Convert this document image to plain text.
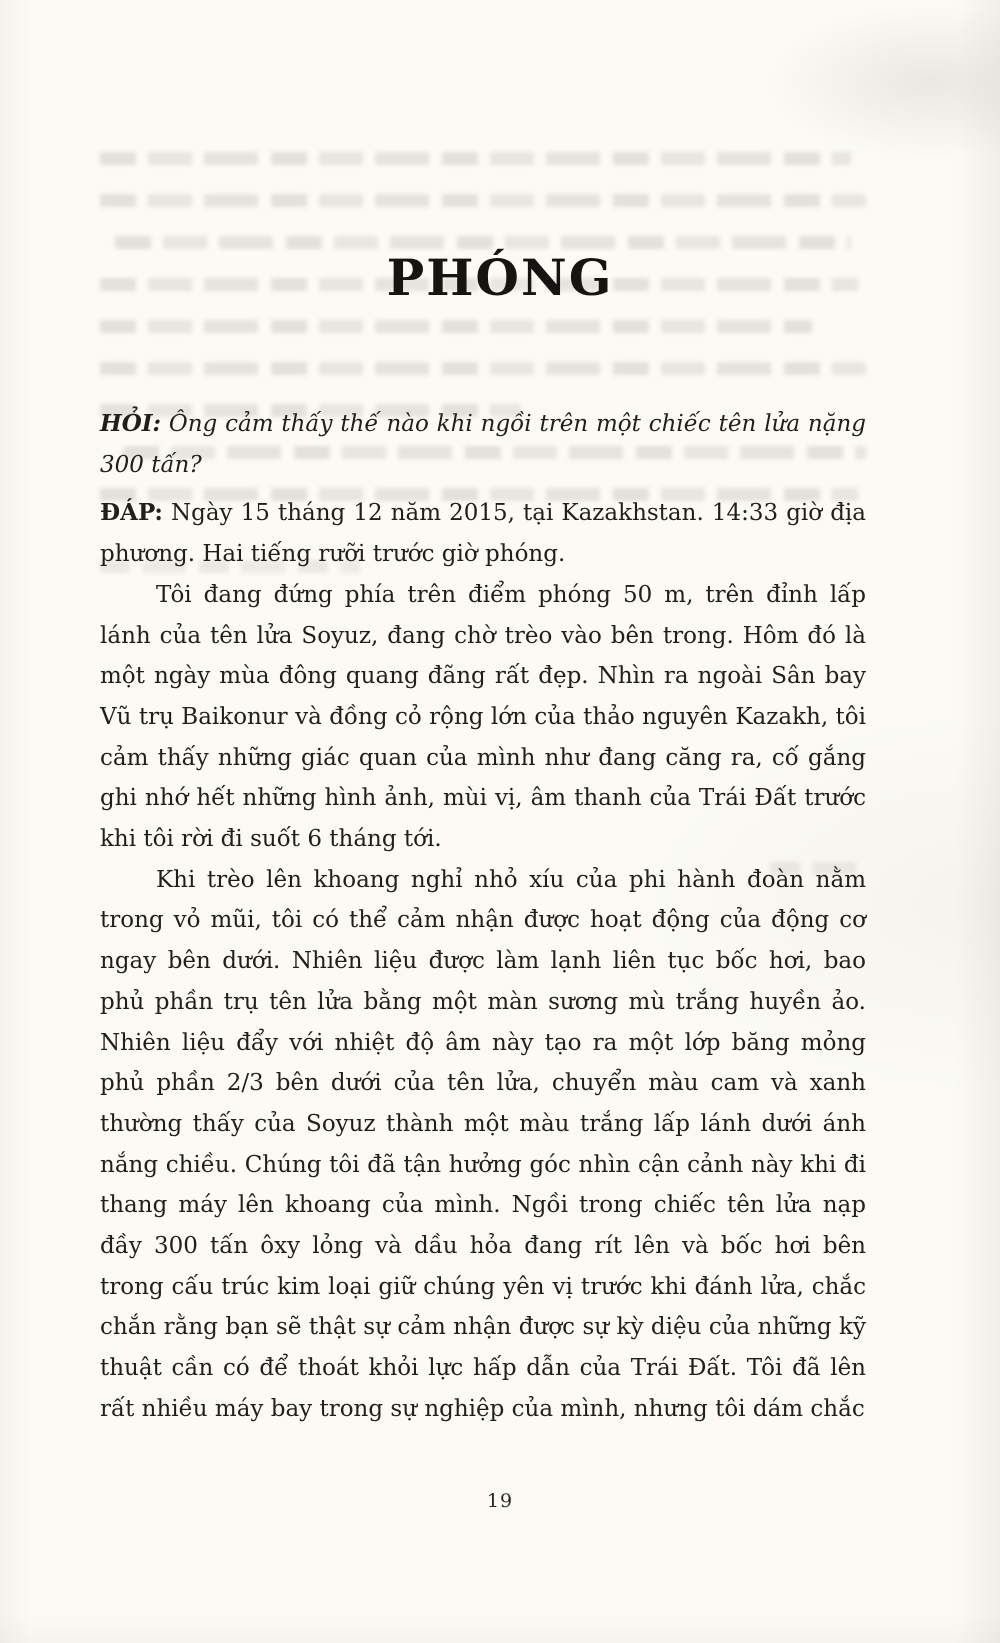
PHÓNG

HỎI: Ông cảm thấy thế nào khi ngồi trên một chiếc tên lửa nặng 300 tấn?

ĐÁP: Ngày 15 tháng 12 năm 2015, tại Kazakhstan. 14:33 giờ địa phương. Hai tiếng rưỡi trước giờ phóng.

Tôi đang đứng phía trên điểm phóng 50 m, trên đỉnh lấp lánh của tên lửa Soyuz, đang chờ trèo vào bên trong. Hôm đó là một ngày mùa đông quang đãng rất đẹp. Nhìn ra ngoài Sân bay Vũ trụ Baikonur và đồng cỏ rộng lớn của thảo nguyên Kazakh, tôi cảm thấy những giác quan của mình như đang căng ra, cố gắng ghi nhớ hết những hình ảnh, mùi vị, âm thanh của Trái Đất trước khi tôi rời đi suốt 6 tháng tới.

Khi trèo lên khoang nghỉ nhỏ xíu của phi hành đoàn nằm trong vỏ mũi, tôi có thể cảm nhận được hoạt động của động cơ ngay bên dưới. Nhiên liệu được làm lạnh liên tục bốc hơi, bao phủ phần trụ tên lửa bằng một màn sương mù trắng huyền ảo. Nhiên liệu đẩy với nhiệt độ âm này tạo ra một lớp băng mỏng phủ phần 2/3 bên dưới của tên lửa, chuyển màu cam và xanh thường thấy của Soyuz thành một màu trắng lấp lánh dưới ánh nắng chiều. Chúng tôi đã tận hưởng góc nhìn cận cảnh này khi đi thang máy lên khoang của mình. Ngồi trong chiếc tên lửa nạp đầy 300 tấn ôxy lỏng và dầu hỏa đang rít lên và bốc hơi bên trong cấu trúc kim loại giữ chúng yên vị trước khi đánh lửa, chắc chắn rằng bạn sẽ thật sự cảm nhận được sự kỳ diệu của những kỹ thuật cần có để thoát khỏi lực hấp dẫn của Trái Đất. Tôi đã lên rất nhiều máy bay trong sự nghiệp của mình, nhưng tôi dám chắc

19
